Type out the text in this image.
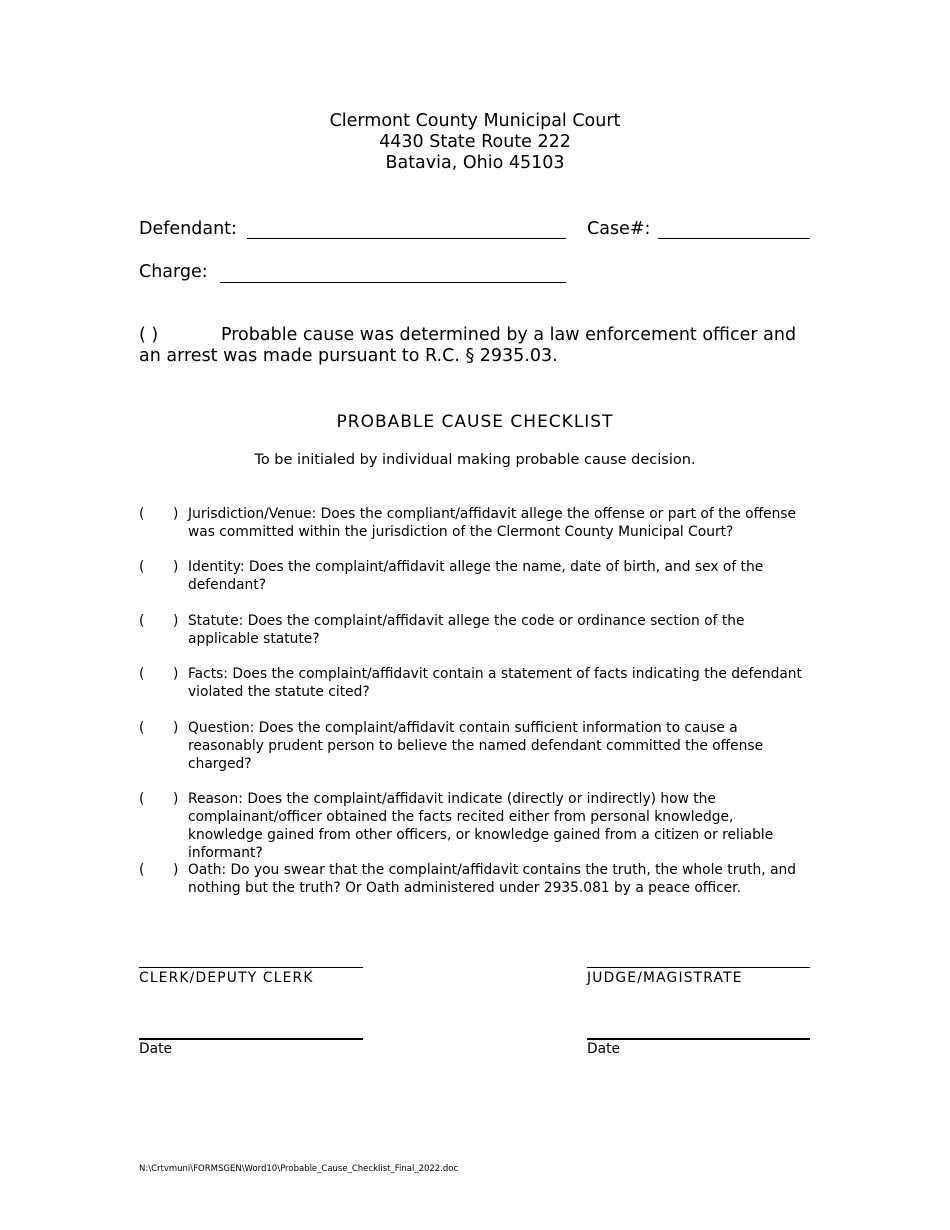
Clermont County Municipal Court
4430 State Route 222
Batavia, Ohio 45103
Defendant:	Case#:
Charge:
( )	Probable cause was determined by a law enforcement officer and an arrest was made pursuant to R.C. § 2935.03.
PROBABLE CAUSE CHECKLIST
To be initialed by individual making probable cause decision.
( ) Jurisdiction/Venue: Does the compliant/affidavit allege the offense or part of the offense was committed within the jurisdiction of the Clermont County Municipal Court?
( ) Identity: Does the complaint/affidavit allege the name, date of birth, and sex of the defendant?
( ) Statute: Does the complaint/affidavit allege the code or ordinance section of the applicable statute?
( ) Facts: Does the complaint/affidavit contain a statement of facts indicating the defendant violated the statute cited?
( ) Question: Does the complaint/affidavit contain sufficient information to cause a reasonably prudent person to believe the named defendant committed the offense charged?
( ) Reason: Does the complaint/affidavit indicate (directly or indirectly) how the complainant/officer obtained the facts recited either from personal knowledge, knowledge gained from other officers, or knowledge gained from a citizen or reliable informant?
( ) Oath: Do you swear that the complaint/affidavit contains the truth, the whole truth, and nothing but the truth? Or Oath administered under 2935.081 by a peace officer.
CLERK/DEPUTY CLERK	JUDGE/MAGISTRATE
Date	Date
N:\Crtvmuni\FORMSGEN\Word10\Probable_Cause_Checklist_Final_2022.doc
